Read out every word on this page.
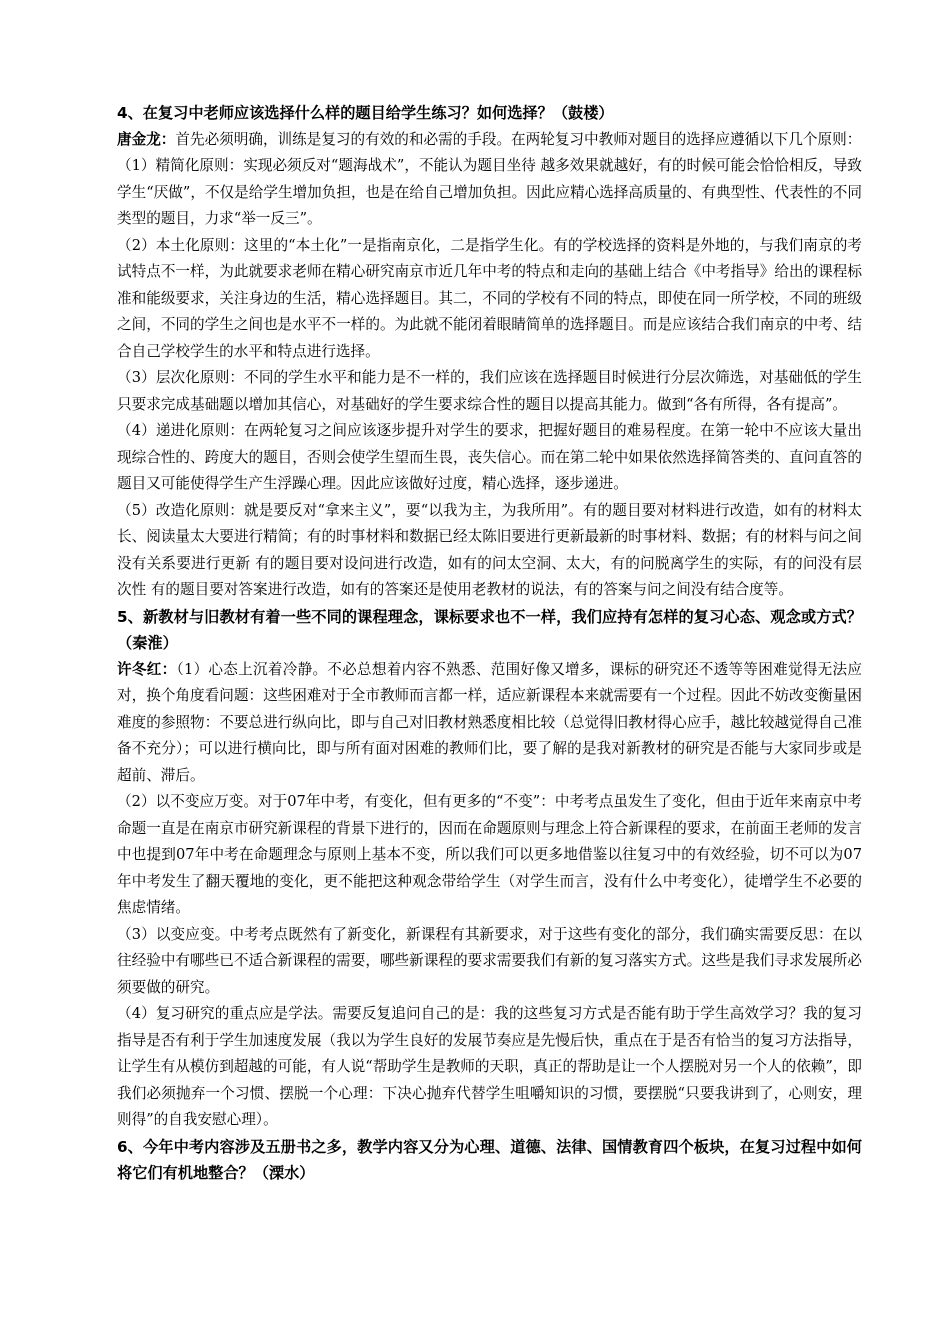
4、在复习中老师应该选择什么样的题目给学生练习？如何选择？（鼓楼）

唐金龙：首先必须明确，训练是复习的有效的和必需的手段。在两轮复习中教师对题目的选择应遵循以下几个原则：

（1）精简化原则：实现必须反对“题海战术”，不能认为题目坐待 越多效果就越好，有的时候可能会恰恰相反，导致学生“厌做”，不仅是给学生增加负担，也是在给自己增加负担。因此应精心选择高质量的、有典型性、代表性的不同类型的题目，力求“举一反三”。

（2）本土化原则：这里的“本土化”一是指南京化，二是指学生化。有的学校选择的资料是外地的，与我们南京的考试特点不一样，为此就要求老师在精心研究南京市近几年中考的特点和走向的基础上结合《中考指导》给出的课程标准和能级要求，关注身边的生活，精心选择题目。其二，不同的学校有不同的特点，即使在同一所学校，不同的班级之间，不同的学生之间也是水平不一样的。为此就不能闭着眼睛简单的选择题目。而是应该结合我们南京的中考、结合自己学校学生的水平和特点进行选择。

（3）层次化原则：不同的学生水平和能力是不一样的，我们应该在选择题目时候进行分层次筛选，对基础低的学生只要求完成基础题以增加其信心，对基础好的学生要求综合性的题目以提高其能力。做到“各有所得，各有提高”。

（4）递进化原则：在两轮复习之间应该逐步提升对学生的要求，把握好题目的难易程度。在第一轮中不应该大量出现综合性的、跨度大的题目，否则会使学生望而生畏，丧失信心。而在第二轮中如果依然选择简答类的、直问直答的题目又可能使得学生产生浮躁心理。因此应该做好过度，精心选择，逐步递进。

（5）改造化原则：就是要反对“拿来主义”，要“以我为主，为我所用”。有的题目要对材料进行改造，如有的材料太长、阅读量太大要进行精简；有的时事材料和数据已经太陈旧要进行更新最新的时事材料、数据；有的材料与问之间没有关系要进行更新 有的题目要对设问进行改造，如有的问太空洞、太大，有的问脱离学生的实际，有的问没有层次性 有的题目要对答案进行改造，如有的答案还是使用老教材的说法，有的答案与问之间没有结合度等。

5、新教材与旧教材有着一些不同的课程理念，课标要求也不一样，我们应持有怎样的复习心态、观念或方式？（秦淮）

许冬红：（1）心态上沉着冷静。不必总想着内容不熟悉、范围好像又增多，课标的研究还不透等等困难觉得无法应对，换个角度看问题：这些困难对于全市教师而言都一样，适应新课程本来就需要有一个过程。因此不妨改变衡量困难度的参照物：不要总进行纵向比，即与自己对旧教材熟悉度相比较（总觉得旧教材得心应手，越比较越觉得自己准备不充分）；可以进行横向比，即与所有面对困难的教师们比，要了解的是我对新教材的研究是否能与大家同步或是超前、滞后。

（2）以不变应万变。对于07年中考，有变化，但有更多的“不变”：中考考点虽发生了变化，但由于近年来南京中考命题一直是在南京市研究新课程的背景下进行的，因而在命题原则与理念上符合新课程的要求，在前面王老师的发言中也提到07年中考在命题理念与原则上基本不变，所以我们可以更多地借鉴以往复习中的有效经验，切不可以为07年中考发生了翻天覆地的变化，更不能把这种观念带给学生（对学生而言，没有什么中考变化），徒增学生不必要的焦虑情绪。

（3）以变应变。中考考点既然有了新变化，新课程有其新要求，对于这些有变化的部分，我们确实需要反思：在以往经验中有哪些已不适合新课程的需要，哪些新课程的要求需要我们有新的复习落实方式。这些是我们寻求发展所必须要做的研究。

（4）复习研究的重点应是学法。需要反复追问自己的是：我的这些复习方式是否能有助于学生高效学习？我的复习指导是否有利于学生加速度发展（我以为学生良好的发展节奏应是先慢后快，重点在于是否有恰当的复习方法指导，让学生有从模仿到超越的可能，有人说“帮助学生是教师的天职，真正的帮助是让一个人摆脱对另一个人的依赖”，即我们必须抛弃一个习惯、摆脱一个心理：下决心抛弃代替学生咀嚼知识的习惯，要摆脱“只要我讲到了，心则安，理则得”的自我安慰心理）。

6、今年中考内容涉及五册书之多，教学内容又分为心理、道德、法律、国情教育四个板块，在复习过程中如何将它们有机地整合？（溧水）
